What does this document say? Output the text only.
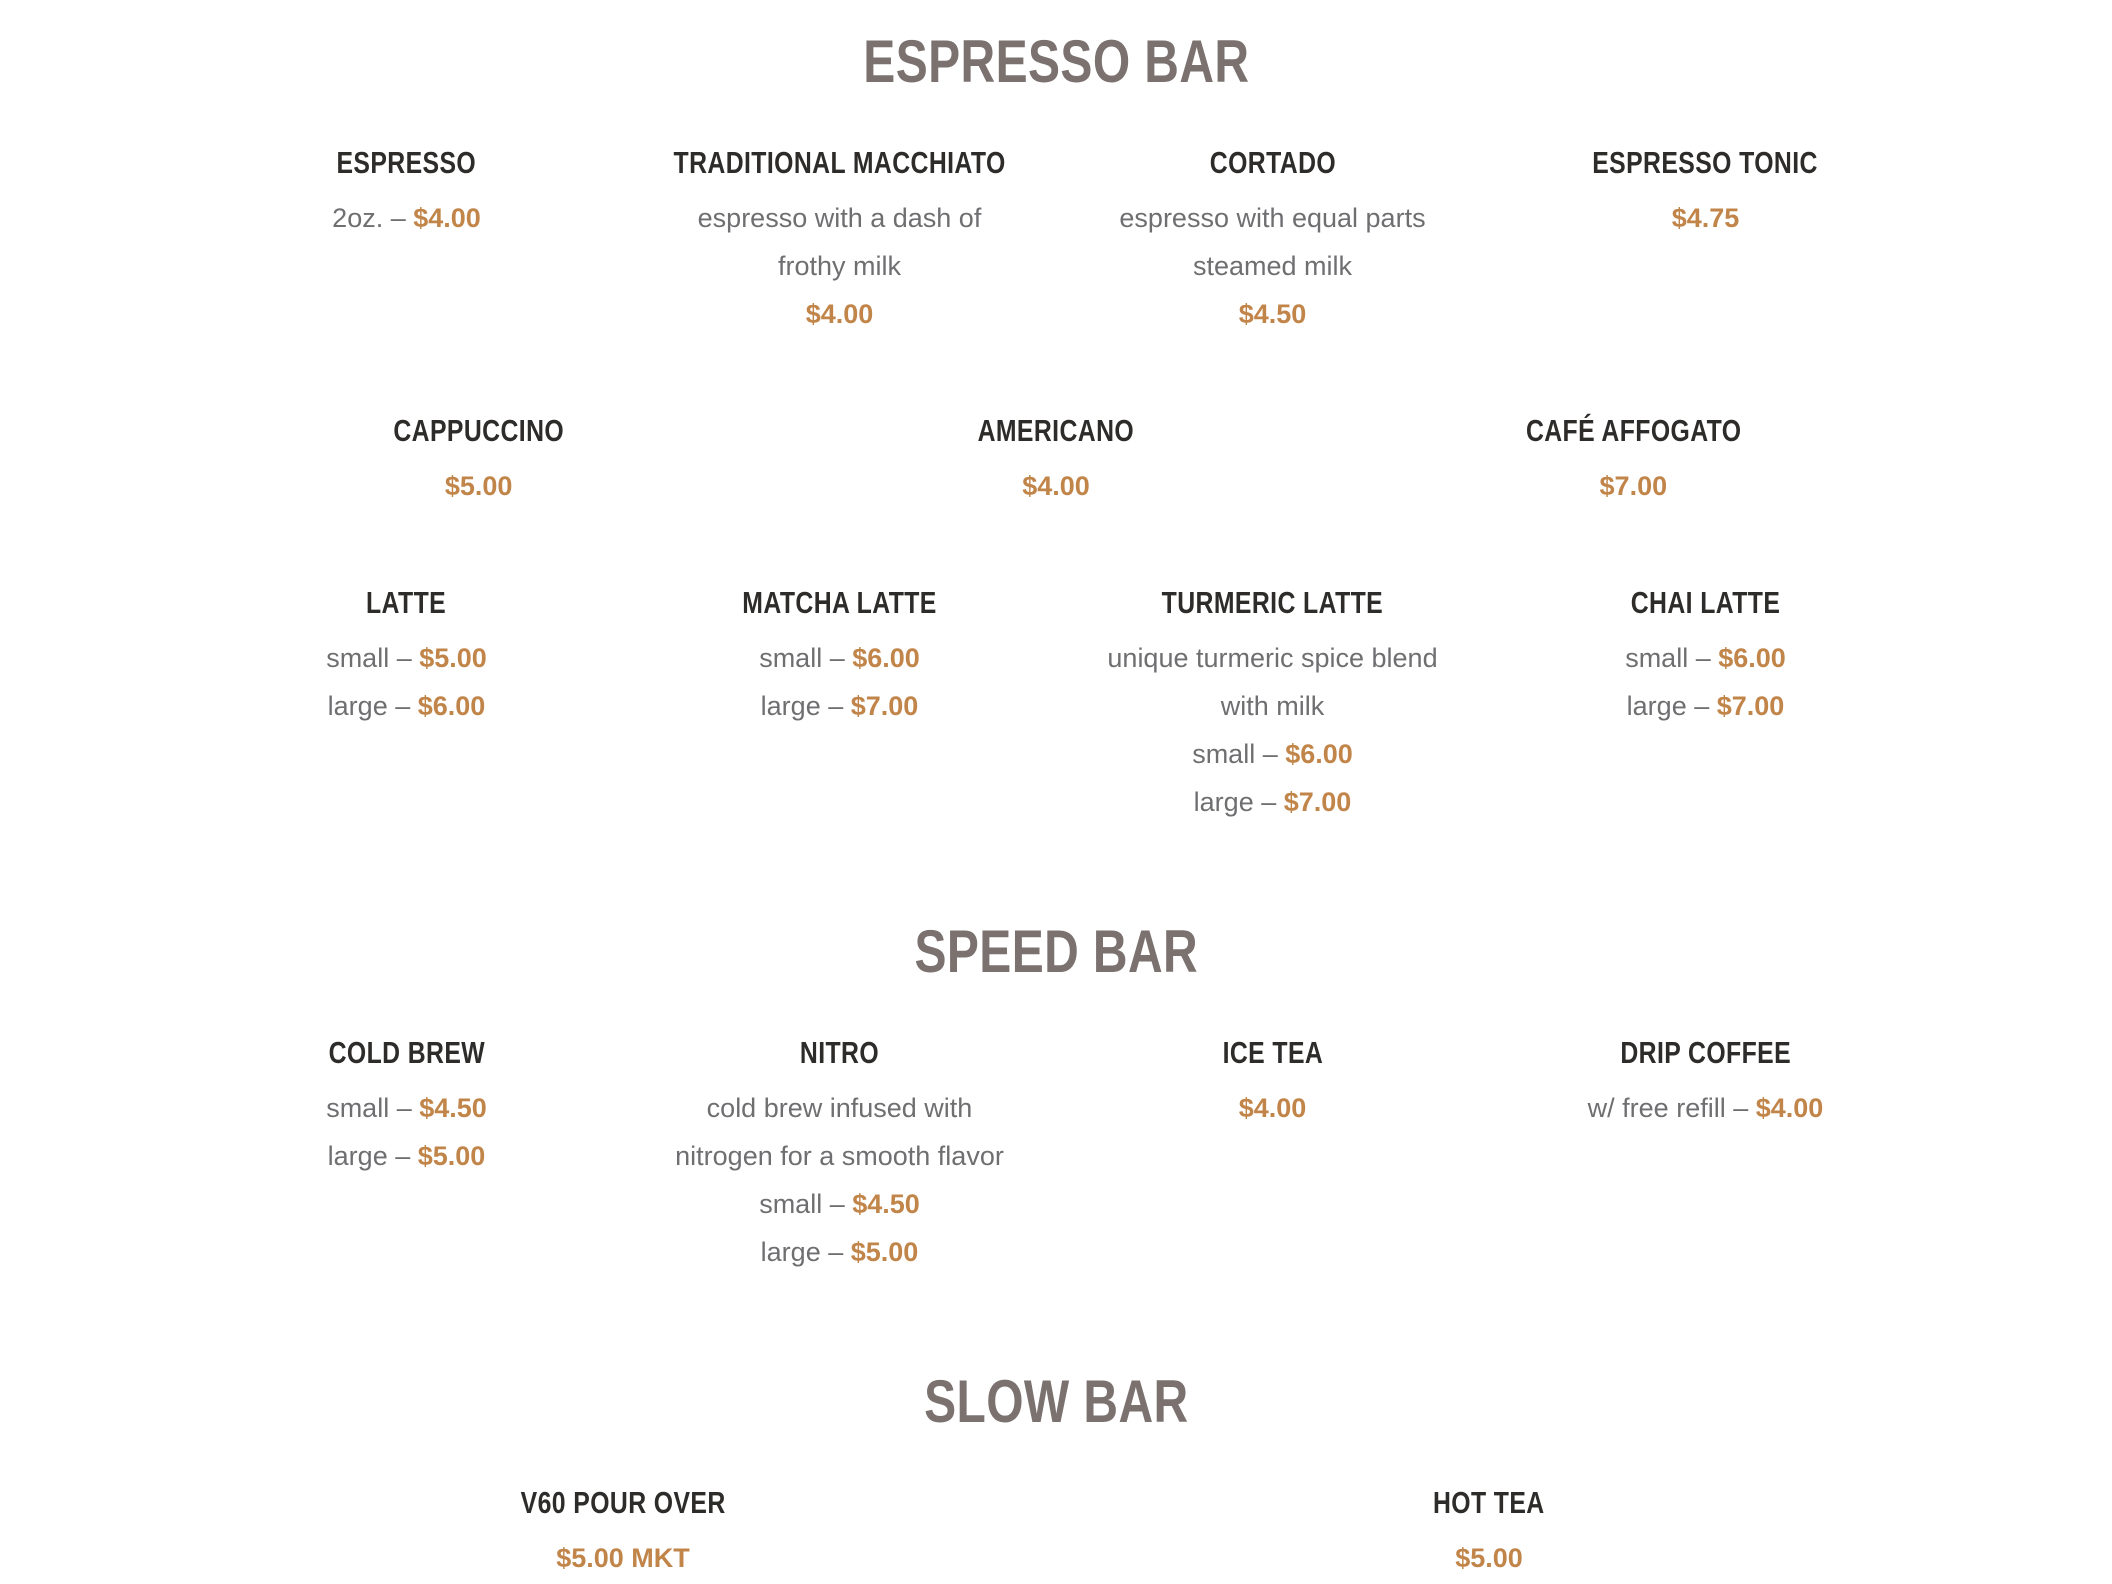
ESPRESSO BAR
ESPRESSO

2oz. – $4.00

TRADITIONAL MACCHIATO

espresso with a dash of

frothy milk

$4.00

CORTADO

espresso with equal parts

steamed milk

$4.50

ESPRESSO TONIC

$4.75

CAPPUCCINO

$5.00

AMERICANO

$4.00

CAFÉ AFFOGATO

$7.00

LATTE

small – $5.00

large – $6.00

MATCHA LATTE

small – $6.00

large – $7.00

TURMERIC LATTE

unique turmeric spice blend

with milk

small – $6.00

large – $7.00

CHAI LATTE

small – $6.00

large – $7.00

SPEED BAR
COLD BREW

small – $4.50

large – $5.00

NITRO

cold brew infused with

nitrogen for a smooth flavor

small – $4.50

large – $5.00

ICE TEA

$4.00

DRIP COFFEE

w/ free refill – $4.00

SLOW BAR
V60 POUR OVER

$5.00 MKT

HOT TEA

$5.00
